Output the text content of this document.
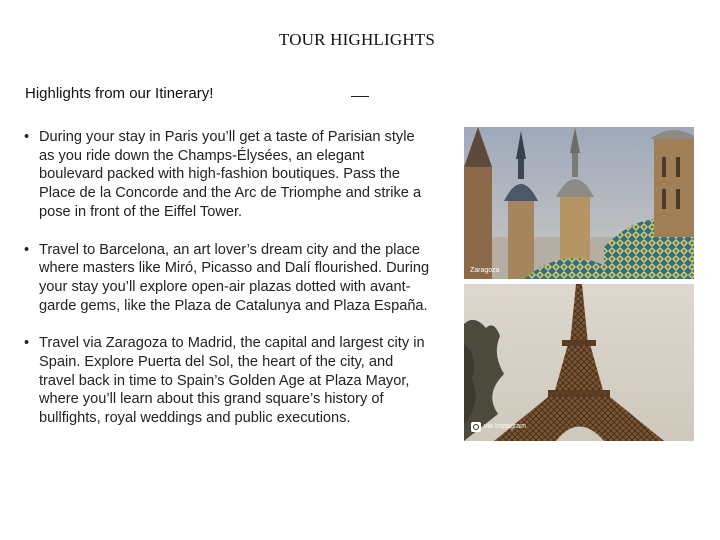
TOUR HIGHLIGHTS
Highlights from our Itinerary!
• During your stay in Paris you’ll get a taste of Parisian style as you ride down the Champs-Élysées, an elegant boulevard packed with high-fashion boutiques. Pass the Place de la Concorde and the Arc de Triomphe and strike a pose in front of the Eiffel Tower.
• Travel to Barcelona, an art lover’s dream city and the place where masters like Miró, Picasso and Dalí flourished. During your stay you’ll explore open-air plazas dotted with avant-garde gems, like the Plaza de Catalunya and Plaza España.
• Travel via Zaragoza to Madrid, the capital and largest city in Spain. Explore Puerta del Sol, the heart of the city, and travel back in time to Spain’s Golden Age at Plaza Mayor, where you’ll learn about this grand square’s history of bullfights, royal weddings and public executions.
Zaragoza
via Instagram
